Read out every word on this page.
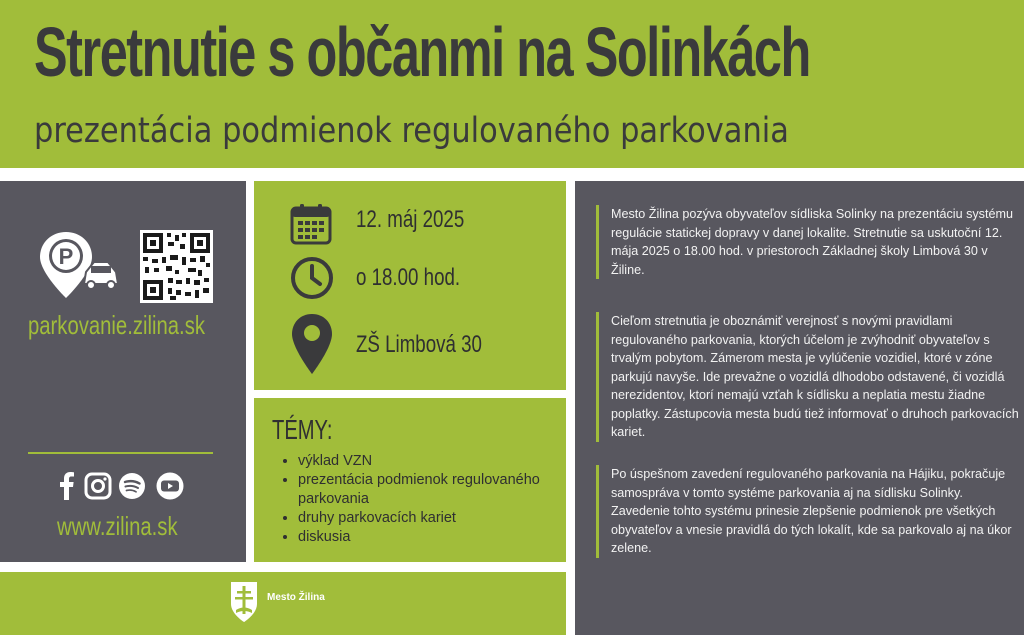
Stretnutie s občanmi na Solinkách
prezentácia podmienok regulovaného parkovania
P
parkovanie.zilina.sk
www.zilina.sk
12. máj 2025
o 18.00 hod.
ZŠ Limbová 30
TÉMY:
• výklad VZN
• prezentácia podmienok regulovaného parkovania
• druhy parkovacích kariet
• diskusia
Mesto Žilina pozýva obyvateľov sídliska Solinky na prezentáciu systému regulácie statickej dopravy v danej lokalite. Stretnutie sa uskutoční 12. mája 2025 o 18.00 hod. v priestoroch Základnej školy Limbová 30 v Žiline.
Cieľom stretnutia je oboznámiť verejnosť s novými pravidlami regulovaného parkovania, ktorých účelom je zvýhodniť obyvateľov s trvalým pobytom. Zámerom mesta je vylúčenie vozidiel, ktoré v zóne parkujú navyše. Ide prevažne o vozidlá dlhodobo odstavené, či vozidlá nerezidentov, ktorí nemajú vzťah k sídlisku a neplatia mestu žiadne poplatky. Zástupcovia mesta budú tiež informovať o druhoch parkovacích kariet.
Po úspešnom zavedení regulovaného parkovania na Hájiku, pokračuje samospráva v tomto systéme parkovania aj na sídlisku Solinky. Zavedenie tohto systému prinesie zlepšenie podmienok pre všetkých obyvateľov a vnesie pravidlá do tých lokalít, kde sa parkovalo aj na úkor zelene.
Mesto Žilina
